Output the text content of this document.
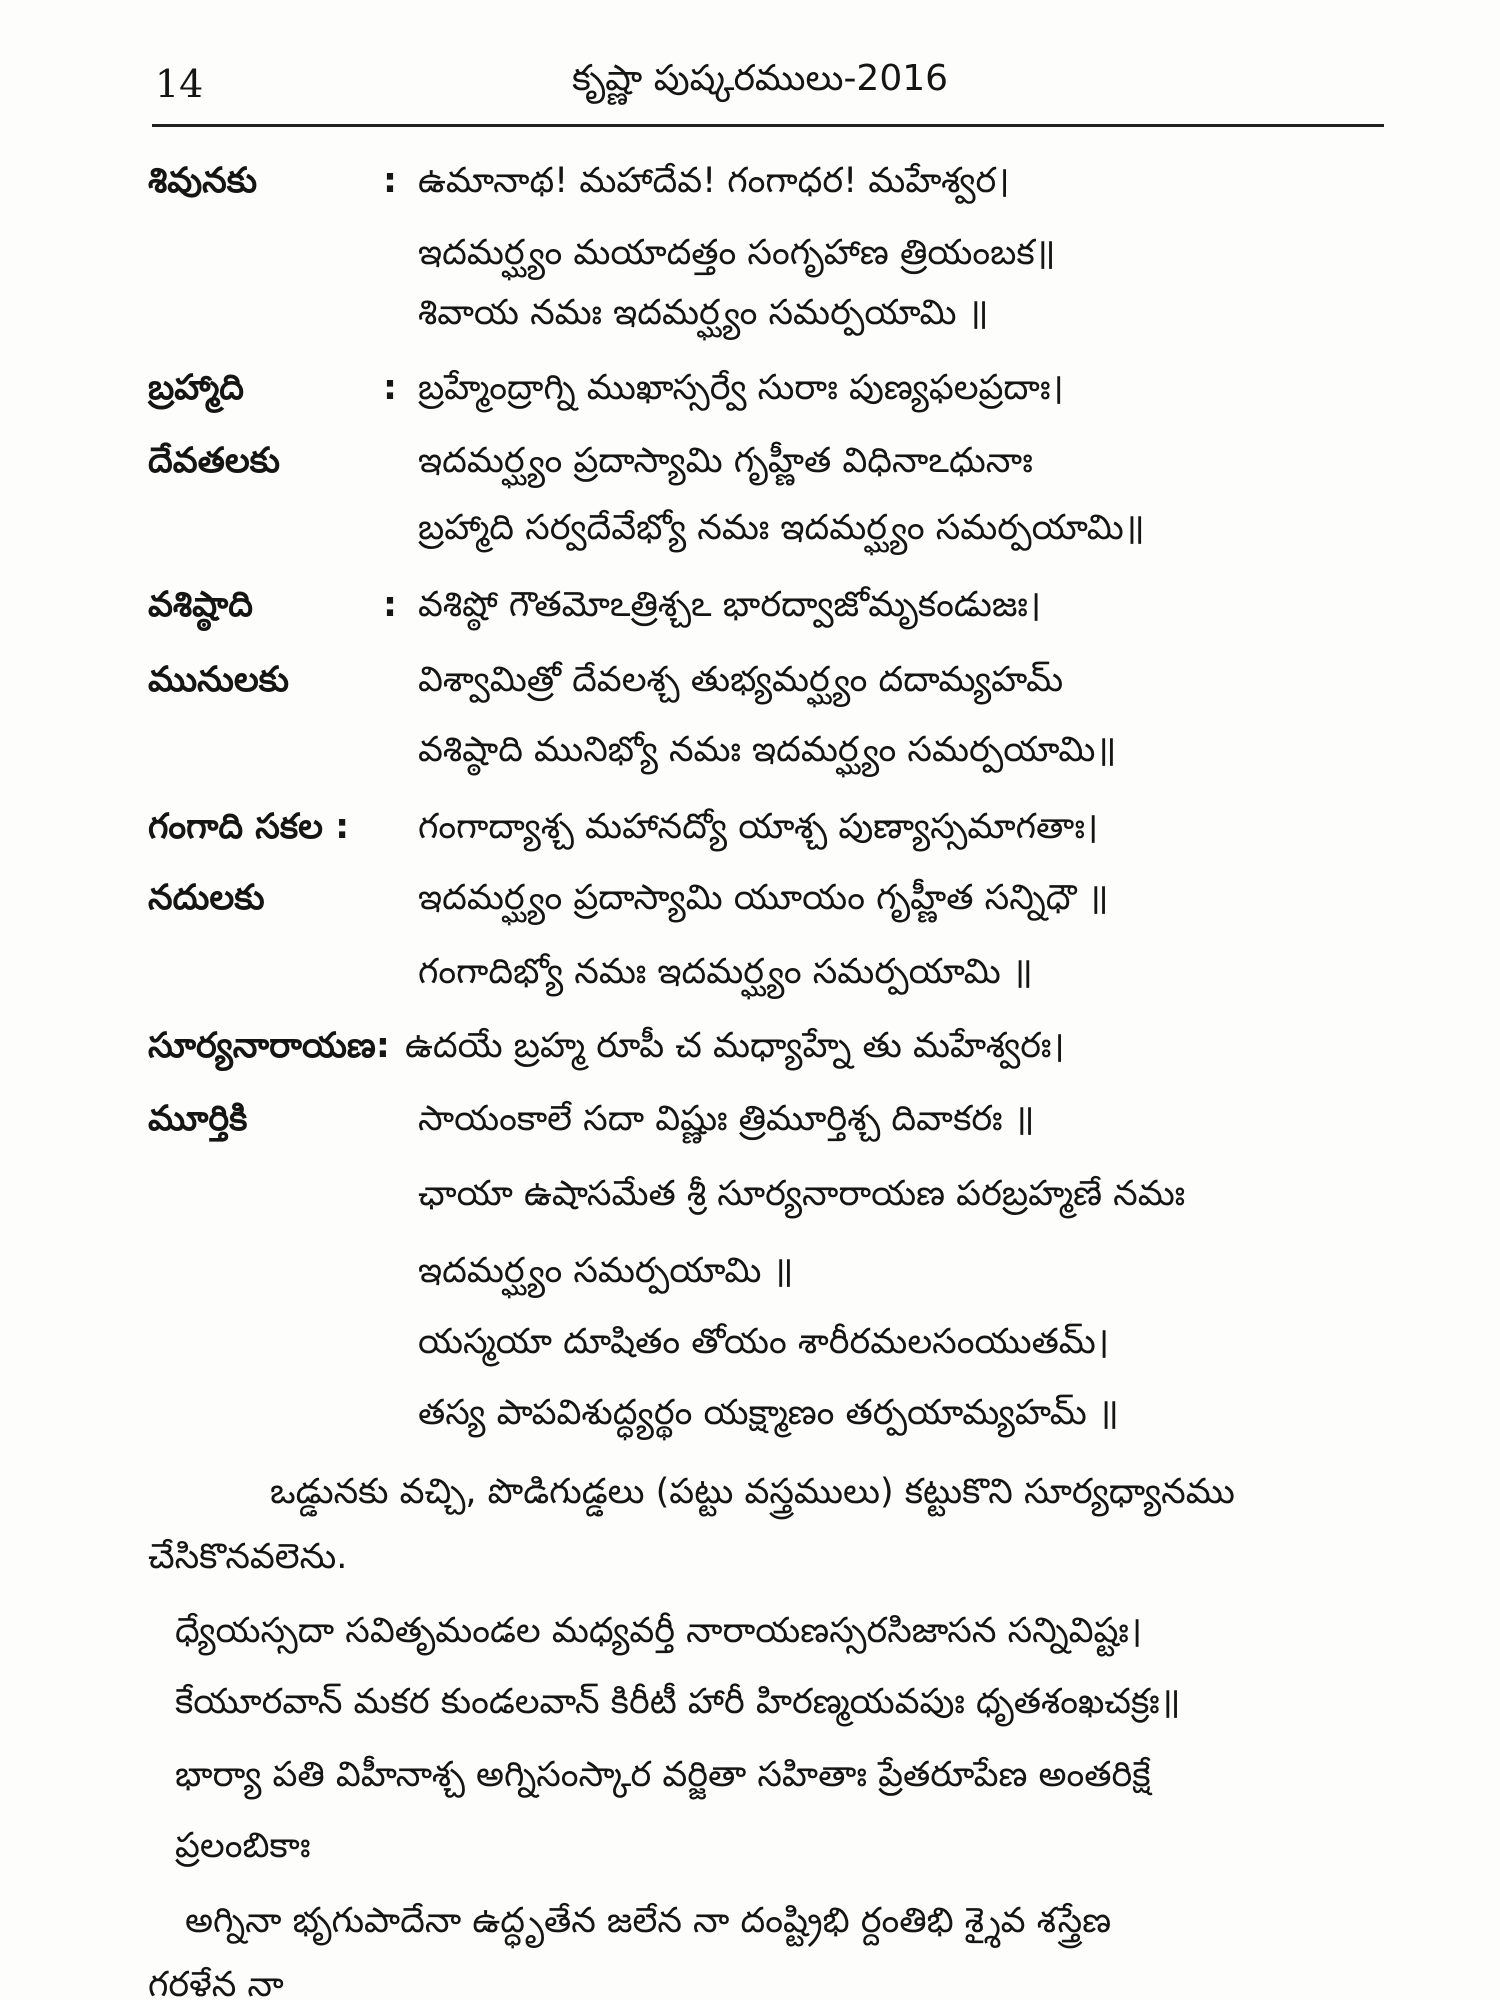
14	కృష్ణా పుష్కరములు-2016
శివునకు	: ఉమానాథ! మహాదేవ! గంగాధర! మహేశ్వర।
ఇదమర్ఘ్యం మయాదత్తం సంగృహాణ త్రియంబక॥
శివాయ నమః ఇదమర్ఘ్యం సమర్పయామి ॥
బ్రహ్మాది	: బ్రహ్మేంద్రాగ్ని ముఖాస్సర్వే సురాః పుణ్యఫలప్రదాః।
దేవతలకు	ఇదమర్ఘ్యం ప్రదాస్యామి గృహ్ణీత విధినాఽధునాః
బ్రహ్మాది సర్వదేవేభ్యో నమః ఇదమర్ఘ్యం సమర్పయామి॥
వశిష్ఠాది	: వశిష్ఠో గౌతమోఽత్రిశ్చఽ భారద్వాజోమృకండుజః।
మునులకు	విశ్వామిత్రో దేవలశ్చ తుభ్యమర్ఘ్యం దదామ్యహమ్
వశిష్ఠాది మునిభ్యో నమః ఇదమర్ఘ్యం సమర్పయామి॥
గంగాది సకల : గంగాద్యాశ్చ మహానద్యో యాశ్చ పుణ్యాస్సమాగతాః।
నదులకు	ఇదమర్ఘ్యం ప్రదాస్యామి యూయం గృహ్ణీత సన్నిధౌ ॥
గంగాదిభ్యో నమః ఇదమర్ఘ్యం సమర్పయామి ॥
సూర్యనారాయణ: ఉదయే బ్రహ్మ రూపీ చ మధ్యాహ్నే తు మహేశ్వరః।
మూర్తికి	సాయంకాలే సదా విష్ణుః త్రిమూర్తిశ్చ దివాకరః ॥
ఛాయా ఉషాసమేత శ్రీ సూర్యనారాయణ పరబ్రహ్మణే నమః
ఇదమర్ఘ్యం సమర్పయామి ॥
యస్మయా దూషితం తోయం శారీరమలసంయుతమ్।
తస్య పాపవిశుద్ధ్యర్థం యక్ష్మాణం తర్పయామ్యహమ్ ॥
ఒడ్డునకు వచ్చి, పొడిగుడ్డలు (పట్టు వస్త్రములు) కట్టుకొని సూర్యధ్యానము
చేసికొనవలెను.
ధ్యేయస్సదా సవితృమండల మధ్యవర్తీ నారాయణస్సరసిజాసన సన్నివిష్టః।
కేయూరవాన్ మకర కుండలవాన్ కిరీటీ హారీ హిరణ్మయవపుః ధృతశంఖచక్రః॥
భార్యా పతి విహీనాశ్చ అగ్నిసంస్కార వర్జితా సహితాః ప్రేతరూపేణ అంతరిక్షే
ప్రలంబికాః
అగ్నినా భృగుపాదేనా ఉద్ధృతేన జలేన నా దంష్ట్రిభి ర్దంతిభి శ్శైవ శస్త్రేణ
గరళేన నా
